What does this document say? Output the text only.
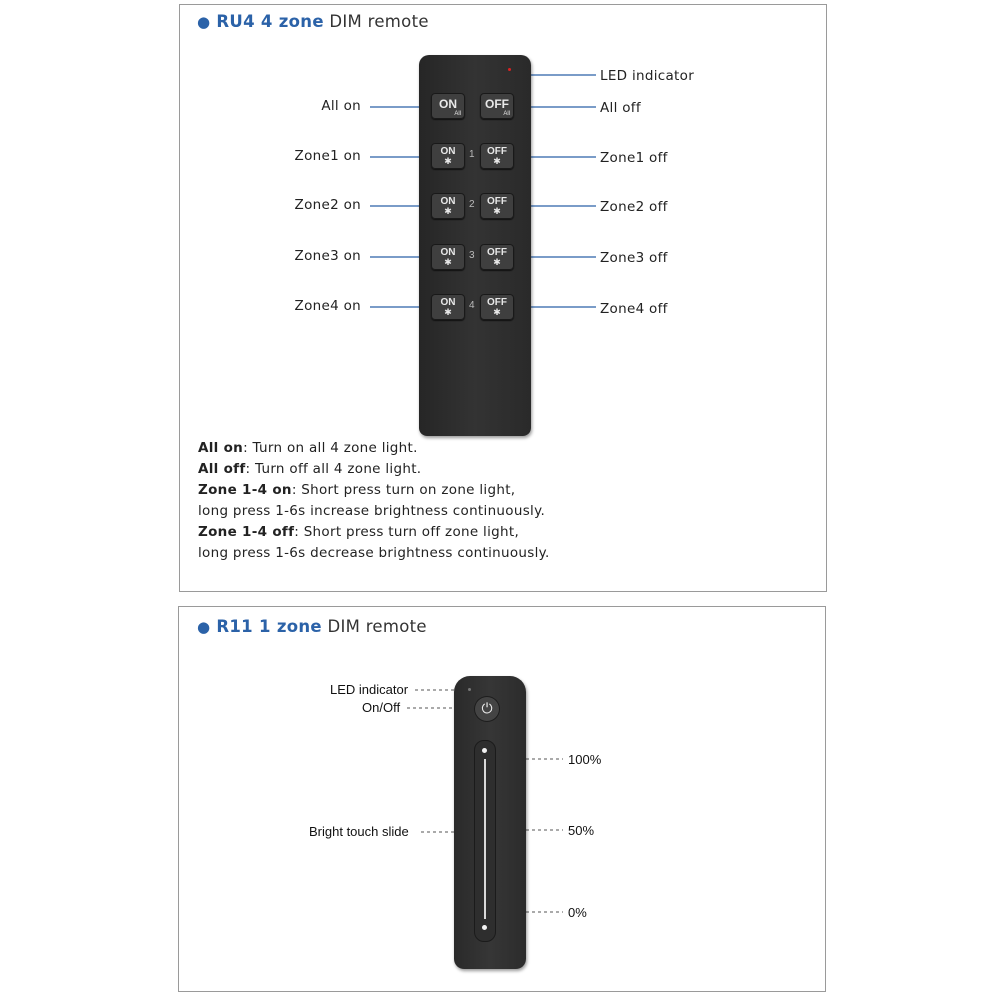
● RU4 4 zone DIM remote
ON
All
OFF
All
ON
✱
1	OFF
✱
ON
✱
2	OFF
✱
ON
✱
3	OFF
✱
ON
✱
4	OFF
✱
All on
Zone1 on
Zone2 on
Zone3 on
Zone4 on
LED indicator
All off
Zone1 off
Zone2 off
Zone3 off
Zone4 off
All on: Turn on all 4 zone light.
All off: Turn off all 4 zone light.
Zone 1-4 on: Short press turn on zone light,
long press 1-6s increase brightness continuously.
Zone 1-4 off: Short press turn off zone light,
long press 1-6s decrease brightness continuously.
● R11 1 zone DIM remote
⏻
LED indicator
On/Off
Bright touch slide
100%
50%
0%
